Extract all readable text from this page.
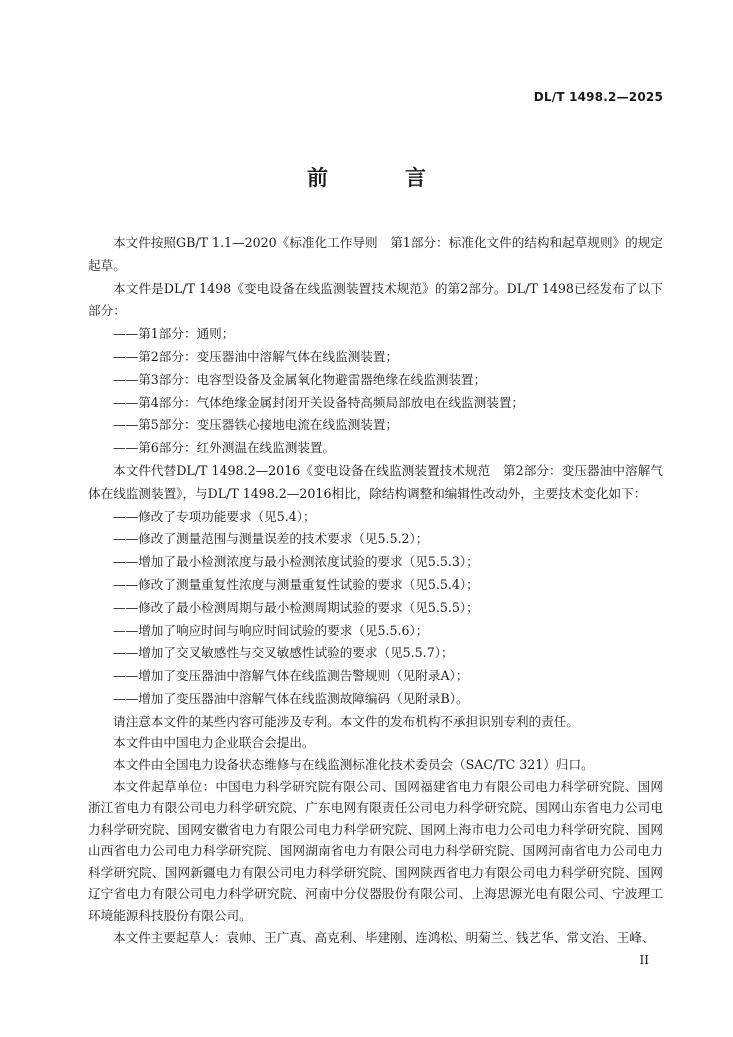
DL/T 1498.2—2025
前　言

本文件按照GB/T 1.1—2020《标准化工作导则　第1部分：标准化文件的结构和起草规则》的规定起草。

本文件是DL/T 1498《变电设备在线监测装置技术规范》的第2部分。DL/T 1498已经发布了以下部分：

——第1部分：通则；

——第2部分：变压器油中溶解气体在线监测装置；

——第3部分：电容型设备及金属氧化物避雷器绝缘在线监测装置；

——第4部分：气体绝缘金属封闭开关设备特高频局部放电在线监测装置；

——第5部分：变压器铁心接地电流在线监测装置；

——第6部分：红外测温在线监测装置。

本文件代替DL/T 1498.2—2016《变电设备在线监测装置技术规范　第2部分：变压器油中溶解气体在线监测装置》，与DL/T 1498.2—2016相比，除结构调整和编辑性改动外，主要技术变化如下：

——修改了专项功能要求（见5.4）；

——修改了测量范围与测量误差的技术要求（见5.5.2）；

——增加了最小检测浓度与最小检测浓度试验的要求（见5.5.3）；

——修改了测量重复性浓度与测量重复性试验的要求（见5.5.4）；

——修改了最小检测周期与最小检测周期试验的要求（见5.5.5）；

——增加了响应时间与响应时间试验的要求（见5.5.6）；

——增加了交叉敏感性与交叉敏感性试验的要求（见5.5.7）；

——增加了变压器油中溶解气体在线监测告警规则（见附录A）；

——增加了变压器油中溶解气体在线监测故障编码（见附录B）。

请注意本文件的某些内容可能涉及专利。本文件的发布机构不承担识别专利的责任。

本文件由中国电力企业联合会提出。

本文件由全国电力设备状态维修与在线监测标准化技术委员会（SAC/TC 321）归口。

本文件起草单位：中国电力科学研究院有限公司、国网福建省电力有限公司电力科学研究院、国网浙江省电力有限公司电力科学研究院、广东电网有限责任公司电力科学研究院、国网山东省电力公司电力科学研究院、国网安徽省电力有限公司电力科学研究院、国网上海市电力公司电力科学研究院、国网山西省电力公司电力科学研究院、国网湖南省电力有限公司电力科学研究院、国网河南省电力公司电力科学研究院、国网新疆电力有限公司电力科学研究院、国网陕西省电力有限公司电力科学研究院、国网辽宁省电力有限公司电力科学研究院、河南中分仪器股份有限公司、上海思源光电有限公司、宁波理工环境能源科技股份有限公司。

本文件主要起草人：袁帅、王广真、高克利、毕建刚、连鸿松、明菊兰、钱艺华、常文治、王峰、

II
